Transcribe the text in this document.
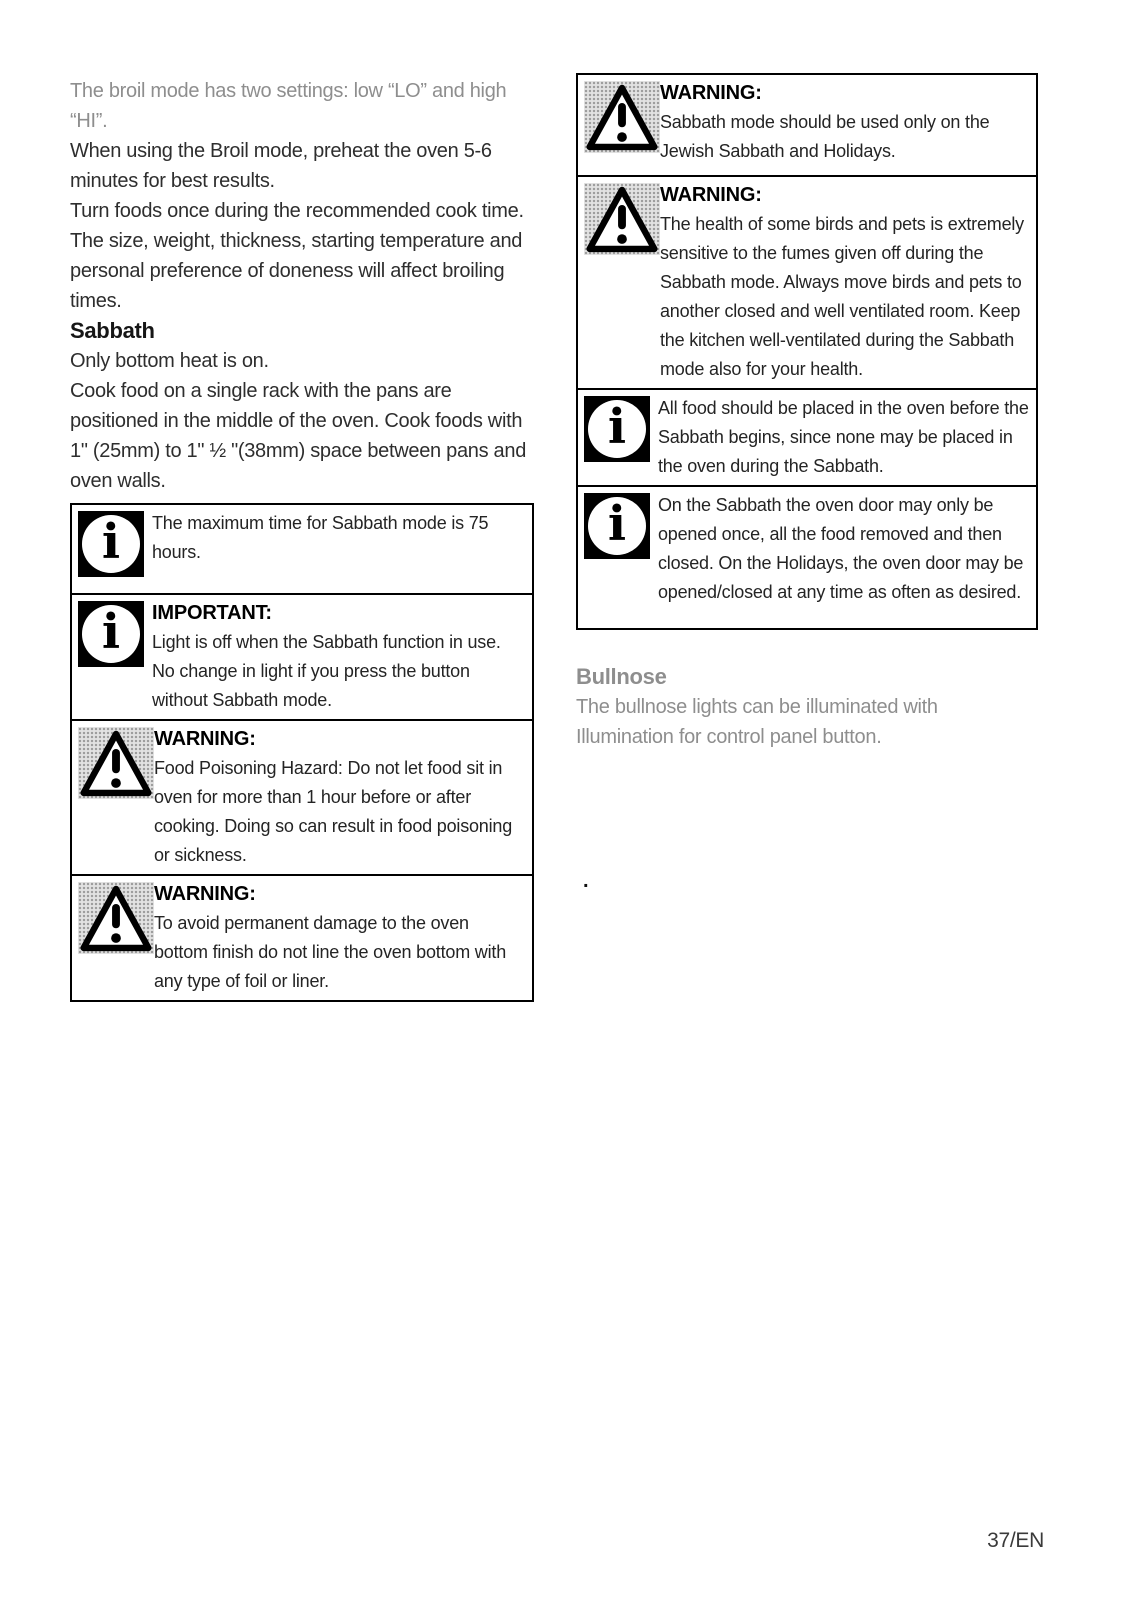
The broil mode has two settings: low “LO” and high “HI”.

When using the Broil mode, preheat the oven 5-6 minutes for best results.

Turn foods once during the recommended cook time.

The size, weight, thickness, starting temperature and personal preference of doneness will affect broiling times.

Sabbath

Only bottom heat is on.

Cook food on a single rack with the pans are positioned in the middle of the oven. Cook foods with 1" (25mm) to 1" ½ "(38mm) space between pans and oven walls.

i The maximum time for Sabbath mode is 75 hours.
i IMPORTANT:
Light is off when the Sabbath function in use. No change in light if you press the button without Sabbath mode.
WARNING:
Food Poisoning Hazard: Do not let food sit in oven for more than 1 hour before or after cooking. Doing so can result in food poisoning or sickness.
WARNING:
To avoid permanent damage to the oven bottom finish do not line the oven bottom with any type of foil or liner.
WARNING:
Sabbath mode should be used only on the Jewish Sabbath and Holidays.
WARNING:
The health of some birds and pets is extremely sensitive to the fumes given off during the Sabbath mode. Always move birds and pets to another closed and well ventilated room. Keep the kitchen well-ventilated during the Sabbath mode also for your health.
i All food should be placed in the oven before the Sabbath begins, since none may be placed in the oven during the Sabbath.
i On the Sabbath the oven door may only be opened once, all the food removed and then closed. On the Holidays, the oven door may be opened/closed at any time as often as desired.
Bullnose

The bullnose lights can be illuminated with Illumination for control panel button.

.
37/EN
